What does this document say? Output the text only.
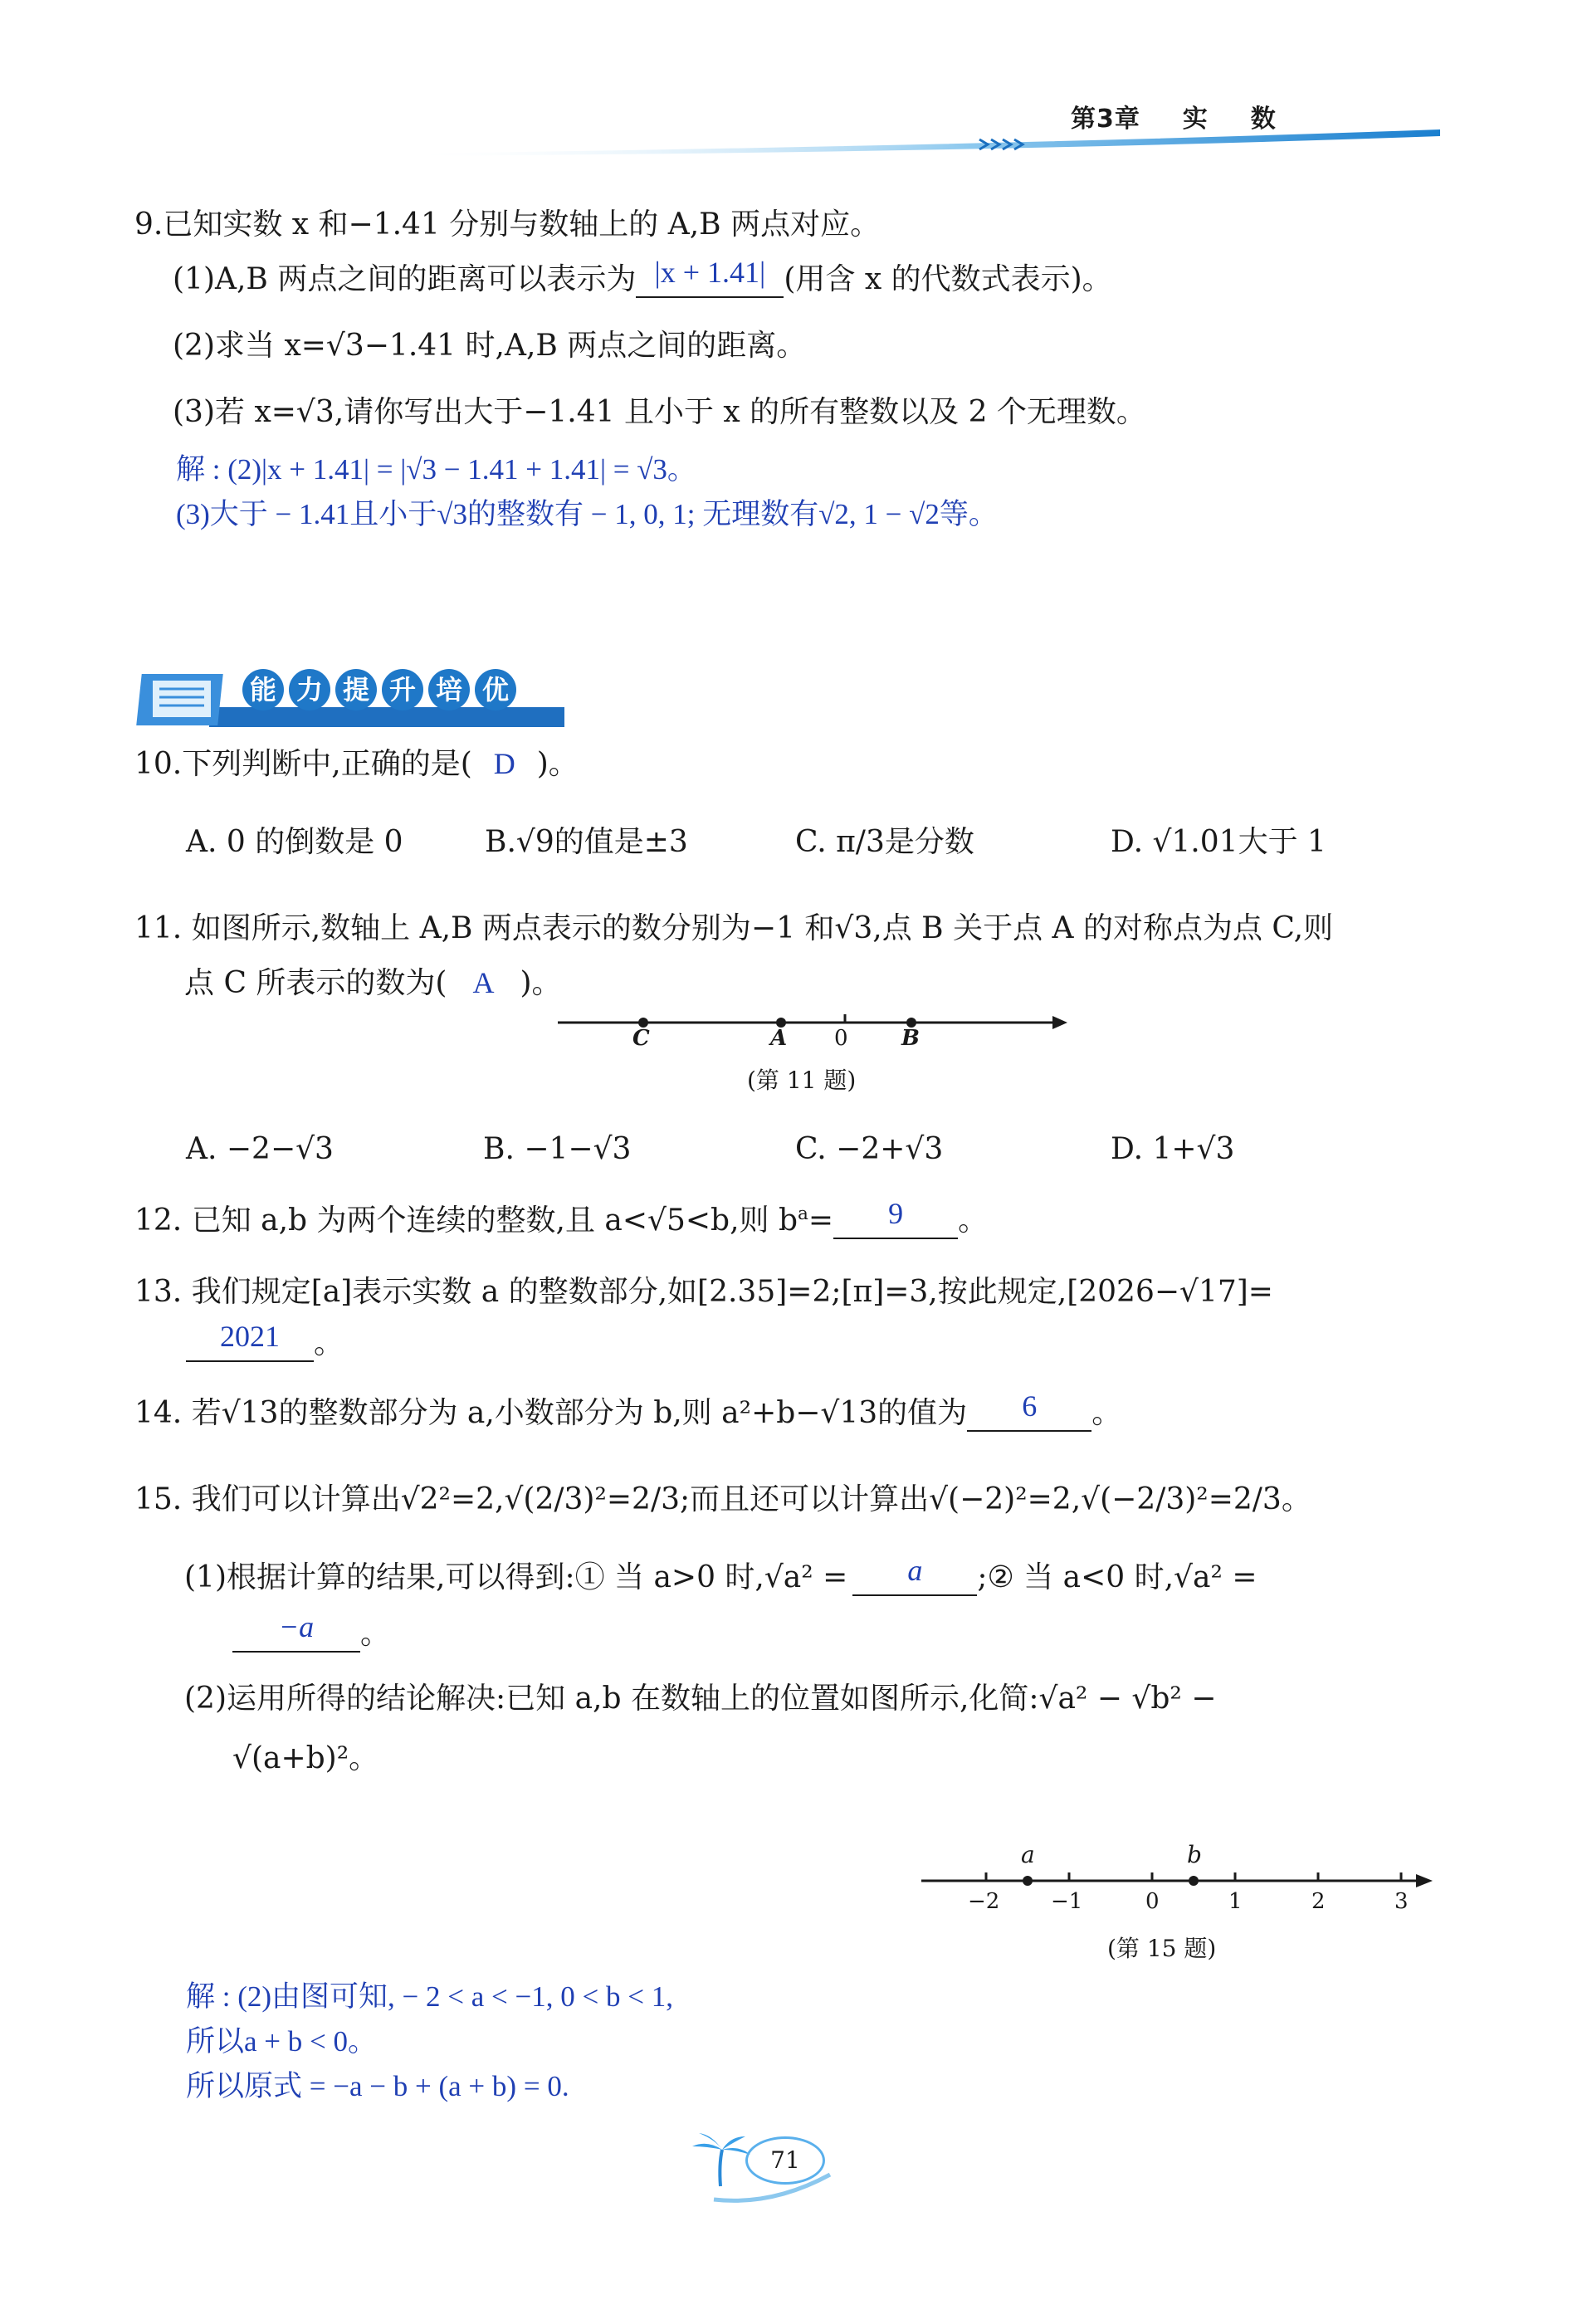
第3章 实 数
9.已知实数 x 和−1.41 分别与数轴上的 A,B 两点对应。
(1)A,B 两点之间的距离可以表示为 |x + 1.41| (用含 x 的代数式表示)。
(2)求当 x=√3−1.41 时,A,B 两点之间的距离。
(3)若 x=√3,请你写出大于−1.41 且小于 x 的所有整数以及 2 个无理数。
解 : (2)|x + 1.41| = |√3 − 1.41 + 1.41| = √3。
(3)大于 − 1.41且小于√3的整数有 − 1, 0, 1; 无理数有√2, 1 − √2等。
能 力 提 升 培 优
10.下列判断中,正确的是( D )。
A. 0 的倒数是 0	B.√9的值是±3	C. π/3是分数	D. √1.01大于 1
11. 如图所示,数轴上 A,B 两点表示的数分别为−1 和√3,点 B 关于点 A 的对称点为点 C,则
点 C 所表示的数为( A )。
C	A 0 B
(第 11 题)
A. −2−√3	B. −1−√3	C. −2+√3	D. 1+√3
12. 已知 a,b 为两个连续的整数,且 a<√5<b,则 $b^a=$	9	。
13. 我们规定[a]表示实数 a 的整数部分,如[2.35]=2;[π]=3,按此规定,[2026−√17]=
2021	。
14. 若√13的整数部分为 a,小数部分为 b,则 a²+b−√13的值为	6	。
15. 我们可以计算出√2²=2,√(2/3)²=2/3;而且还可以计算出√(−2)²=2,√(−2/3)²=2/3。
(1)根据计算的结果,可以得到:① 当 a>0 时,√a² =	a	;② 当 a<0 时,√a² =
−a	。
(2)运用所得的结论解决:已知 a,b 在数轴上的位置如图所示,化简:√a² − √b² −
√(a+b)²。
a	b
−2 −1	0	1	2	3
(第 15 题)
解 : (2)由图可知, − 2 < a < −1, 0 < b < 1,
所以a + b < 0。
所以原式 = −a − b + (a + b) = 0.
71
